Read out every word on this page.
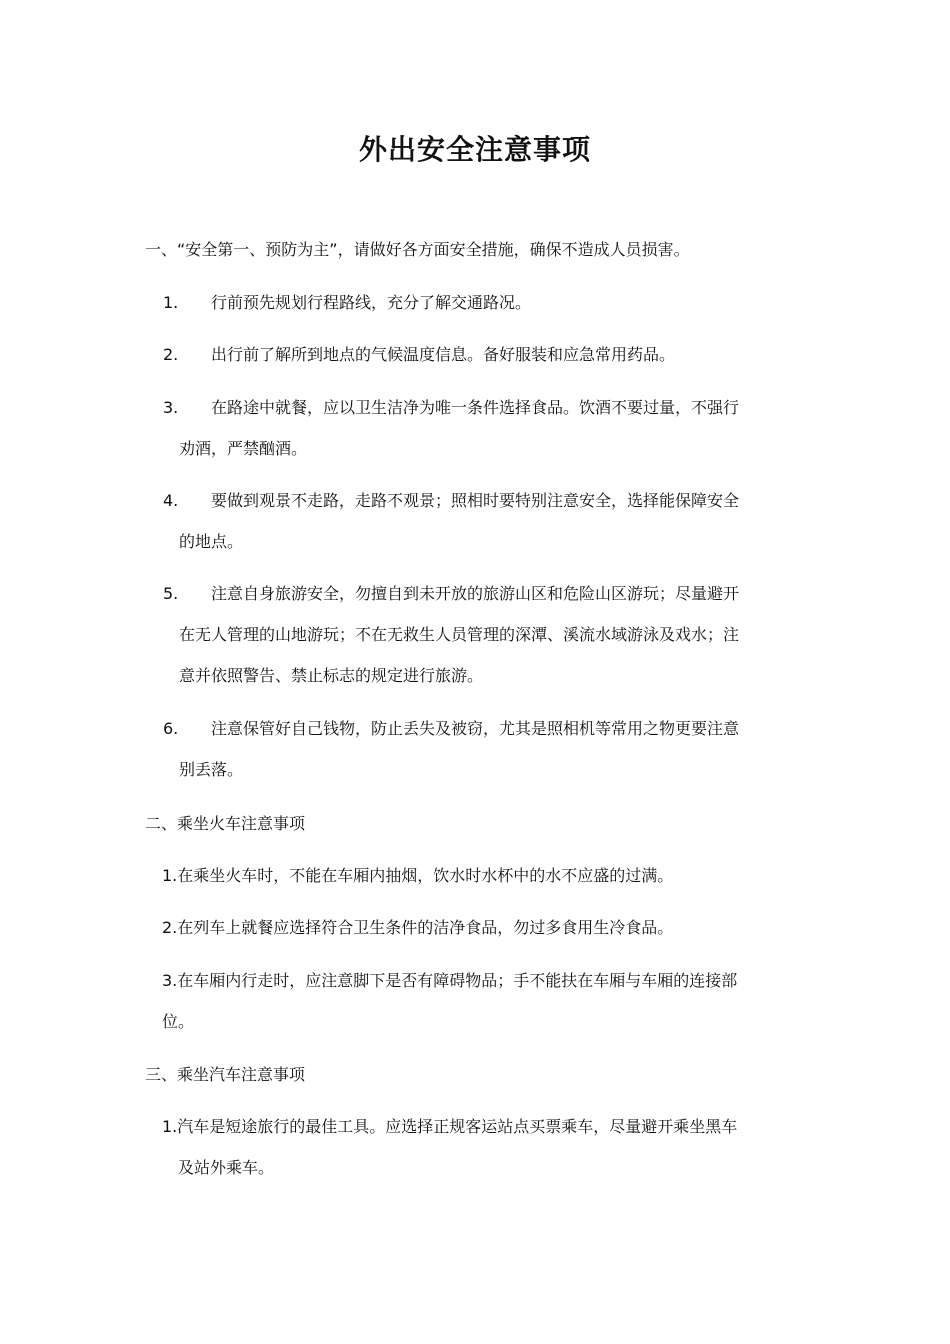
外出安全注意事项
一、“安全第一、预防为主”，请做好各方面安全措施，确保不造成人员损害。
1. 行前预先规划行程路线，充分了解交通路况。
2. 出行前了解所到地点的气候温度信息。备好服装和应急常用药品。
3. 在路途中就餐，应以卫生洁净为唯一条件选择食品。饮酒不要过量，不强行
劝酒，严禁酗酒。
4. 要做到观景不走路，走路不观景；照相时要特别注意安全，选择能保障安全
的地点。
5. 注意自身旅游安全，勿擅自到未开放的旅游山区和危险山区游玩；尽量避开
在无人管理的山地游玩；不在无救生人员管理的深潭、溪流水域游泳及戏水；注
意并依照警告、禁止标志的规定进行旅游。
6. 注意保管好自己钱物，防止丢失及被窃，尤其是照相机等常用之物更要注意
别丢落。
二、乘坐火车注意事项
1.在乘坐火车时，不能在车厢内抽烟，饮水时水杯中的水不应盛的过满。
2.在列车上就餐应选择符合卫生条件的洁净食品，勿过多食用生冷食品。
3.在车厢内行走时，应注意脚下是否有障碍物品；手不能扶在车厢与车厢的连接部
位。
三、乘坐汽车注意事项
1.汽车是短途旅行的最佳工具。应选择正规客运站点买票乘车，尽量避开乘坐黑车
及站外乘车。
